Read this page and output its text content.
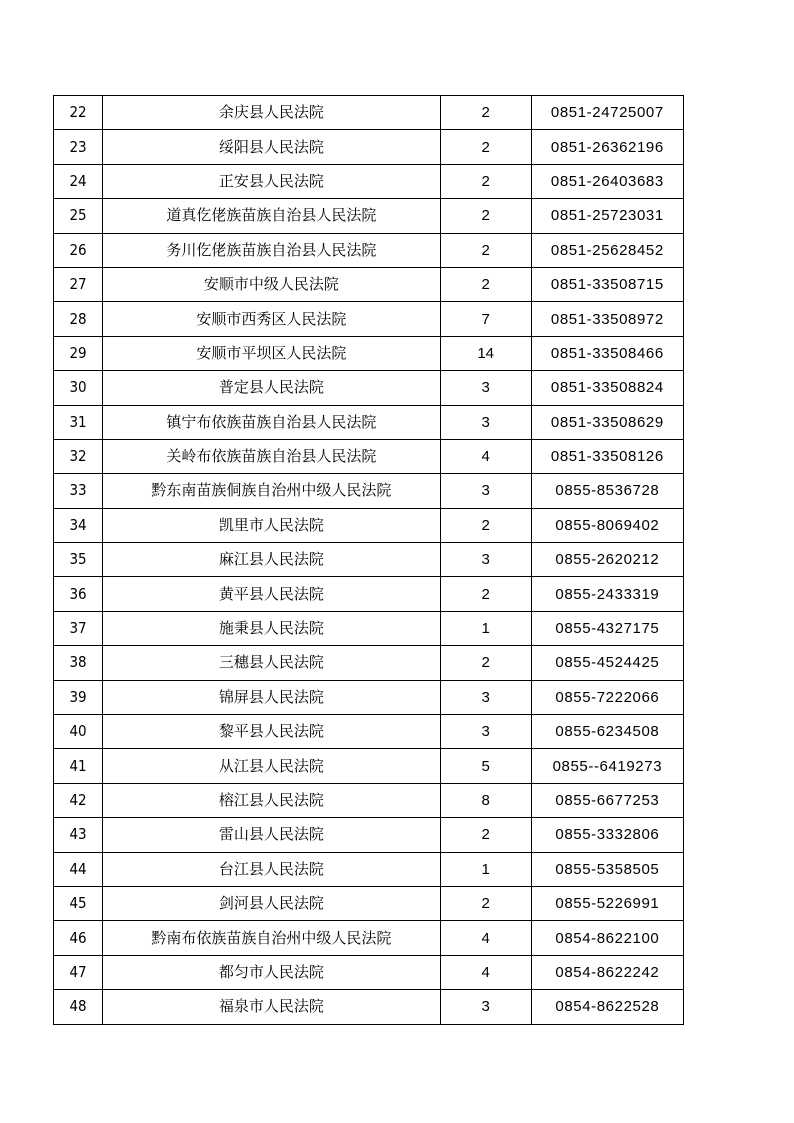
22	余庆县人民法院	2	0851-24725007
23	绥阳县人民法院	2	0851-26362196
24	正安县人民法院	2	0851-26403683
25	道真仡佬族苗族自治县人民法院	2	0851-25723031
26	务川仡佬族苗族自治县人民法院	2	0851-25628452
27	安顺市中级人民法院	2	0851-33508715
28	安顺市西秀区人民法院	7	0851-33508972
29	安顺市平坝区人民法院	14	0851-33508466
30	普定县人民法院	3	0851-33508824
31	镇宁布依族苗族自治县人民法院	3	0851-33508629
32	关岭布依族苗族自治县人民法院	4	0851-33508126
33	黔东南苗族侗族自治州中级人民法院	3	0855-8536728
34	凯里市人民法院	2	0855-8069402
35	麻江县人民法院	3	0855-2620212
36	黄平县人民法院	2	0855-2433319
37	施秉县人民法院	1	0855-4327175
38	三穗县人民法院	2	0855-4524425
39	锦屏县人民法院	3	0855-7222066
40	黎平县人民法院	3	0855-6234508
41	从江县人民法院	5	0855--6419273
42	榕江县人民法院	8	0855-6677253
43	雷山县人民法院	2	0855-3332806
44	台江县人民法院	1	0855-5358505
45	剑河县人民法院	2	0855-5226991
46	黔南布依族苗族自治州中级人民法院	4	0854-8622100
47	都匀市人民法院	4	0854-8622242
48	福泉市人民法院	3	0854-8622528
